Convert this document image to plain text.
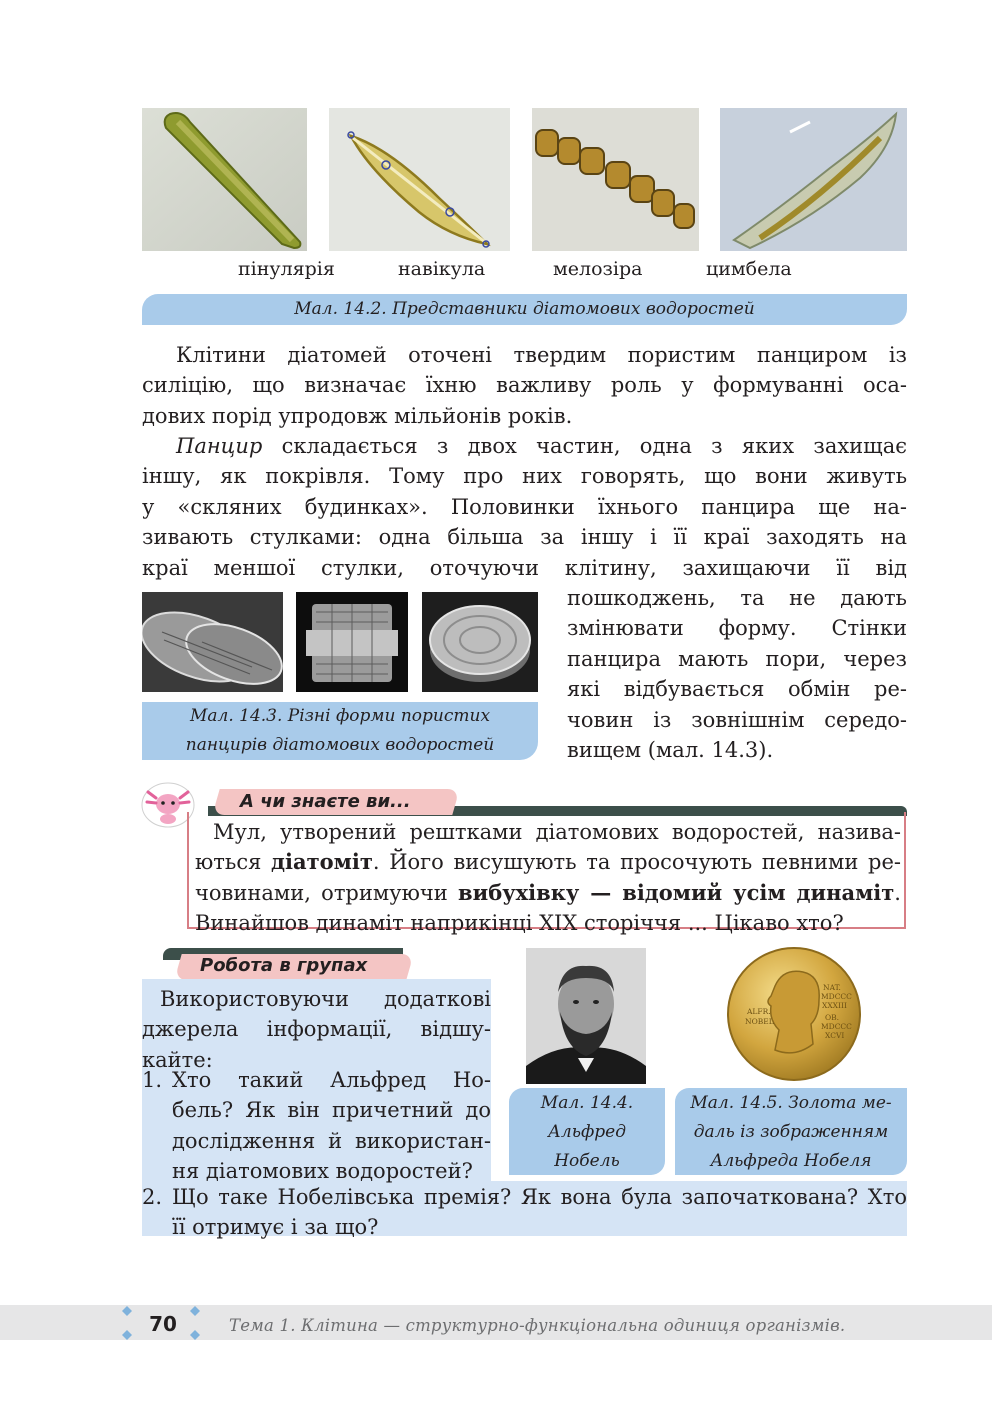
пінулярія	навікула	мелозіра	цимбела
Мал. 14.2. Представники діатомових водоростей

Клітини діатомей оточені твердим пористим панциром із

силіцію, що визначає їхню важливу роль у формуванні оса-

дових порід упродовж мільйонів років.

Панцир складається з двох частин, одна з яких захищає

іншу, як покрівля. Тому про них говорять, що вони живуть

у «скляних будинках». Половинки їхнього панцира ще на-

зивають стулками: одна більша за іншу і її краї заходять на

краї меншої стулки, оточуючи клітину, захищаючи її від

пошкоджень, та не дають

змінювати форму. Стінки

панцира мають пори, через

які відбувається обмін ре-

човин із зовнішнім середо-

вищем (мал. 14.3).

Мал. 14.3. Різні форми пористих
панцирів діатомових водоростей
А чи знаєте ви...

Мул, утворений рештками діатомових водоростей, назива-

ються діатоміт. Його висушують та просочують певними ре-

човинами, отримуючи вибухівку — відомий усім динаміт.

Винайшов динаміт наприкінці XIX сторіччя ... Цікаво хто?

Робота в групах

Використовуючи додаткові

джерела інформації, відшу-

кайте:

1. Хто такий Альфред Но-

бель? Як він причетний до

дослідження й використан-

ня діатомових водоростей?

2. Що таке Нобелівська премія? Як вона була започаткована? Хто

її отримує і за що?

Мал. 14.4.
Альфред
Нобель
ALFR.
NOBEL
NAT.
MDCCC
XXXIII
OB.
MDCCC
XCVI
Мал. 14.5. Золота ме-
даль із зображенням
Альфреда Нобеля
70	Тема 1. Клітина — структурно-функціональна одиниця організмів.
